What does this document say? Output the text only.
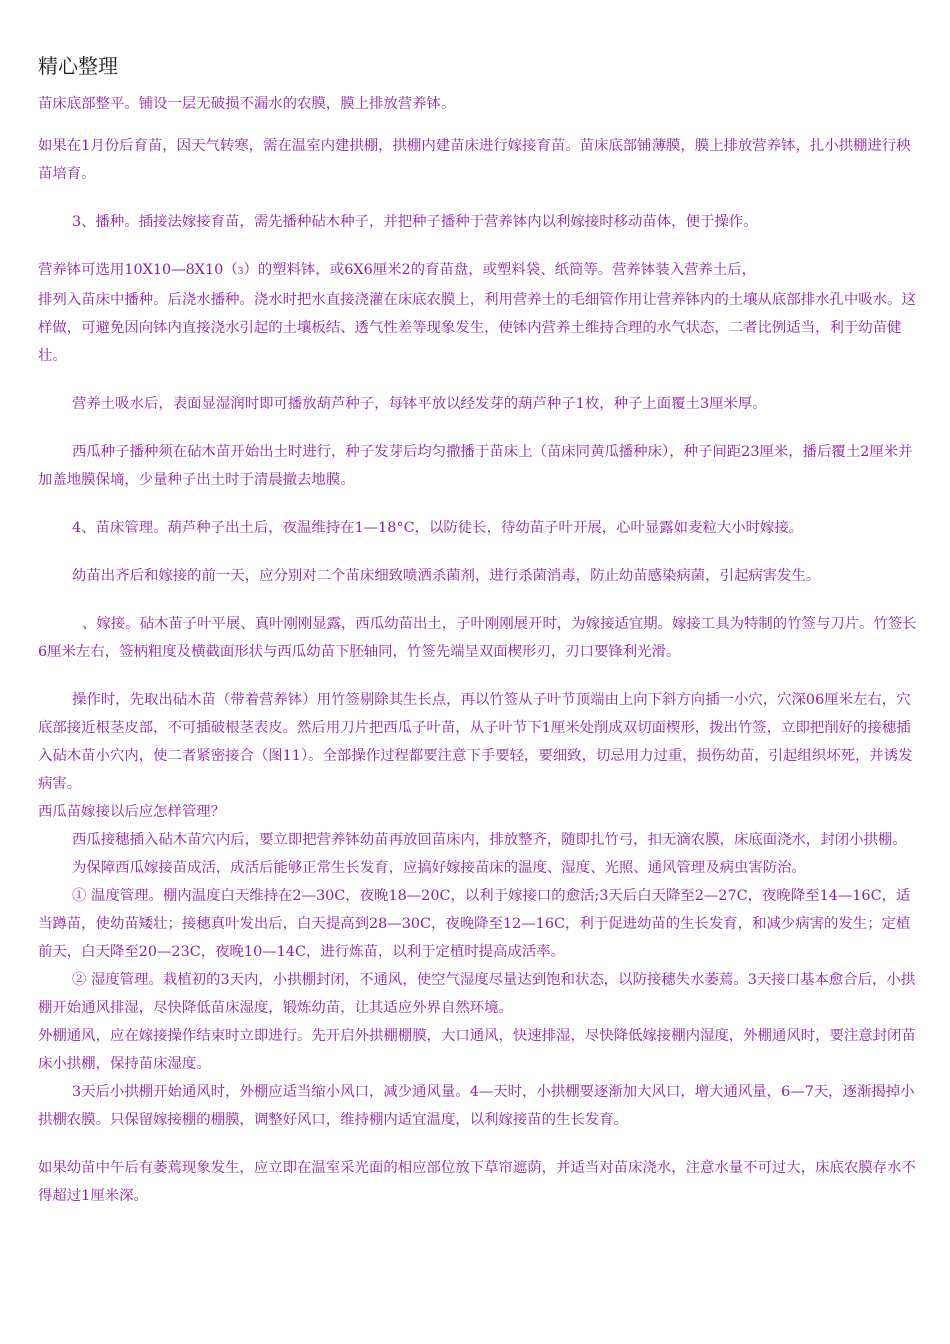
精心整理

苗床底部整平。铺设一层无破损不漏水的农膜，膜上排放营养钵。

如果在1月份后育苗，因天气转寒，需在温室内建拱棚，拱棚内建苗床进行嫁接育苗。苗床底部铺薄膜，膜上排放营养钵，扎小拱棚进行秧苗培育。

3、播种。插接法嫁接育苗，需先播种砧木种子，并把种子播种于营养钵内以利嫁接时移动苗体，便于操作。

营养钵可选用10X10—8X10（3）的塑料钵，或6X6厘米2的育苗盘，或塑料袋、纸筒等。营养钵装入营养土后，
排列入苗床中播种。后浇水播种。浇水时把水直接浇灌在床底农膜上，利用营养土的毛细管作用让营养钵内的土壤从底部排水孔中吸水。这样做，可避免因向钵内直接浇水引起的土壤板结、透气性差等现象发生，使钵内营养土维持合理的水气状态，二者比例适当，利于幼苗健壮。

营养土吸水后，表面显湿润时即可播放葫芦种子，每钵平放以经发芽的葫芦种子1枚，种子上面覆土3厘米厚。

西瓜种子播种须在砧木苗开始出土时进行，种子发芽后均匀撒播于苗床上（苗床同黄瓜播种床），种子间距23厘米，播后覆土2厘米并加盖地膜保墒，少量种子出土时于清晨撤去地膜。

4、苗床管理。葫芦种子出土后，夜温维持在1—18°C，以防徒长，待幼苗子叶开展，心叶显露如麦粒大小时嫁接。

幼苗出齐后和嫁接的前一天，应分别对二个苗床细致喷洒杀菌剂，进行杀菌消毒，防止幼苗感染病菌，引起病害发生。

、嫁接。砧木苗子叶平展、真叶刚刚显露，西瓜幼苗出土，子叶刚刚展开时，为嫁接适宜期。嫁接工具为特制的竹签与刀片。竹签长6厘米左右，签柄粗度及横截面形状与西瓜幼苗下胚轴同，竹签先端呈双面楔形刃，刃口要锋利光滑。

操作时，先取出砧木苗（带着营养钵）用竹签剔除其生长点，再以竹签从子叶节顶端由上向下斜方向插一小穴，穴深06厘米左右，穴底部接近根茎皮部，不可插破根茎表皮。然后用刀片把西瓜子叶苗，从子叶节下1厘米处削成双切面楔形，拨出竹签，立即把削好的接穗插入砧木苗小穴内，使二者紧密接合（图11）。全部操作过程都要注意下手要轻，要细致，切忌用力过重，损伤幼苗，引起组织坏死，并诱发病害。

西瓜苗嫁接以后应怎样管理？

西瓜接穗插入砧木苗穴内后，要立即把营养钵幼苗再放回苗床内，排放整齐，随即扎竹弓，扣无滴农膜，床底面浇水，封闭小拱棚。

为保障西瓜嫁接苗成活，成活后能够正常生长发育，应搞好嫁接苗床的温度、湿度、光照、通风管理及病虫害防治。

① 温度管理。棚内温度白天维持在2—30C，夜晚18—20C，以利于嫁接口的愈活;3天后白天降至2—27C，夜晚降至14—16C，适当蹲苗，使幼苗矮壮；接穗真叶发出后，白天提高到28—30C，夜晚降至12—16C，利于促进幼苗的生长发育，和减少病害的发生；定植前天，白天降至20—23C，夜晚10—14C，进行炼苗，以利于定植时提高成活率。

② 湿度管理。栽植初的3天内，小拱棚封闭，不通风，使空气湿度尽量达到饱和状态，以防接穗失水萎蔫。3天接口基本愈合后，小拱棚开始通风排湿，尽快降低苗床湿度，锻炼幼苗，让其适应外界自然环境。

外棚通风，应在嫁接操作结束时立即进行。先开启外拱棚棚膜，大口通风，快速排湿，尽快降低嫁接棚内湿度，外棚通风时，要注意封闭苗床小拱棚，保持苗床湿度。

3天后小拱棚开始通风时，外棚应适当缩小风口，减少通风量。4—天时，小拱棚要逐渐加大风口，增大通风量，6—7天，逐渐揭掉小拱棚农膜。只保留嫁接棚的棚膜，调整好风口，维持棚内适宜温度，以利嫁接苗的生长发育。

如果幼苗中午后有萎蔫现象发生，应立即在温室采光面的相应部位放下草帘遮荫，并适当对苗床浇水，注意水量不可过大，床底农膜存水不得超过1厘米深。
